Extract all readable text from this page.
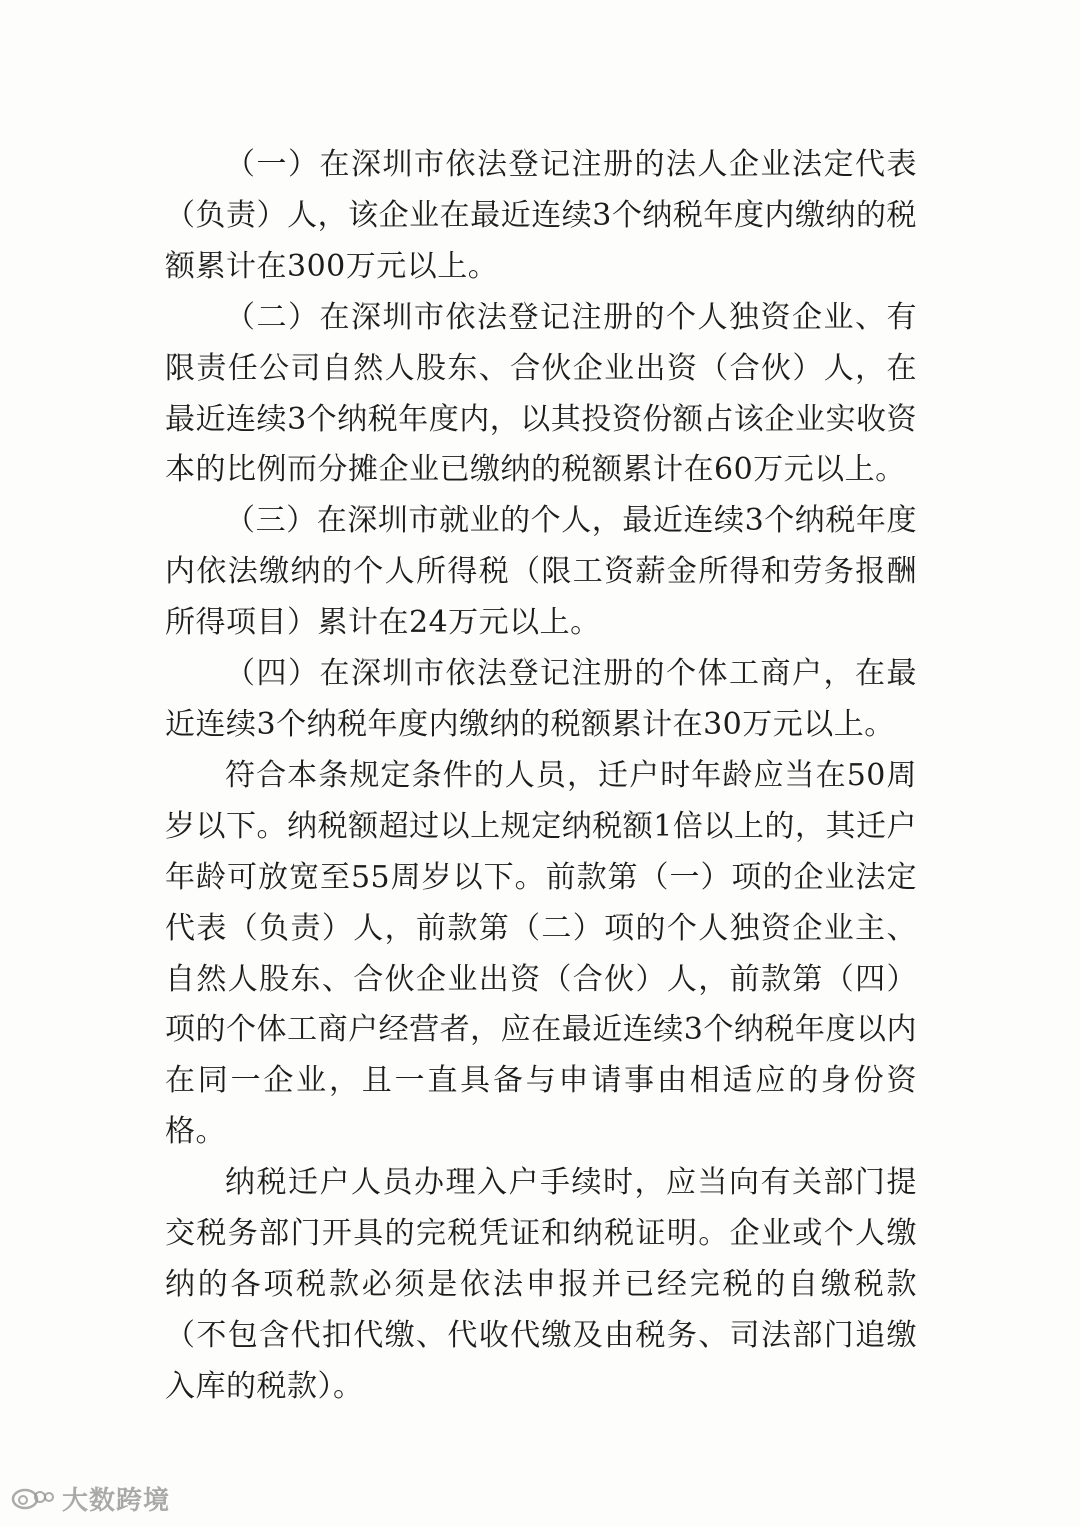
（一）在深圳市依法登记注册的法人企业法定代表（负责）人，该企业在最近连续3个纳税年度内缴纳的税额累计在300万元以上。

（二）在深圳市依法登记注册的个人独资企业、有限责任公司自然人股东、合伙企业出资（合伙）人，在最近连续3个纳税年度内，以其投资份额占该企业实收资本的比例而分摊企业已缴纳的税额累计在60万元以上。

（三）在深圳市就业的个人，最近连续3个纳税年度内依法缴纳的个人所得税（限工资薪金所得和劳务报酬所得项目）累计在24万元以上。

（四）在深圳市依法登记注册的个体工商户，在最近连续3个纳税年度内缴纳的税额累计在30万元以上。

符合本条规定条件的人员，迁户时年龄应当在50周岁以下。纳税额超过以上规定纳税额1倍以上的，其迁户年龄可放宽至55周岁以下。前款第（一）项的企业法定代表（负责）人，前款第（二）项的个人独资企业主、自然人股东、合伙企业出资（合伙）人，前款第（四）项的个体工商户经营者，应在最近连续3个纳税年度以内在同一企业，且一直具备与申请事由相适应的身份资格。

纳税迁户人员办理入户手续时，应当向有关部门提交税务部门开具的完税凭证和纳税证明。企业或个人缴纳的各项税款必须是依法申报并已经完税的自缴税款（不包含代扣代缴、代收代缴及由税务、司法部门追缴入库的税款）。

大数跨境
